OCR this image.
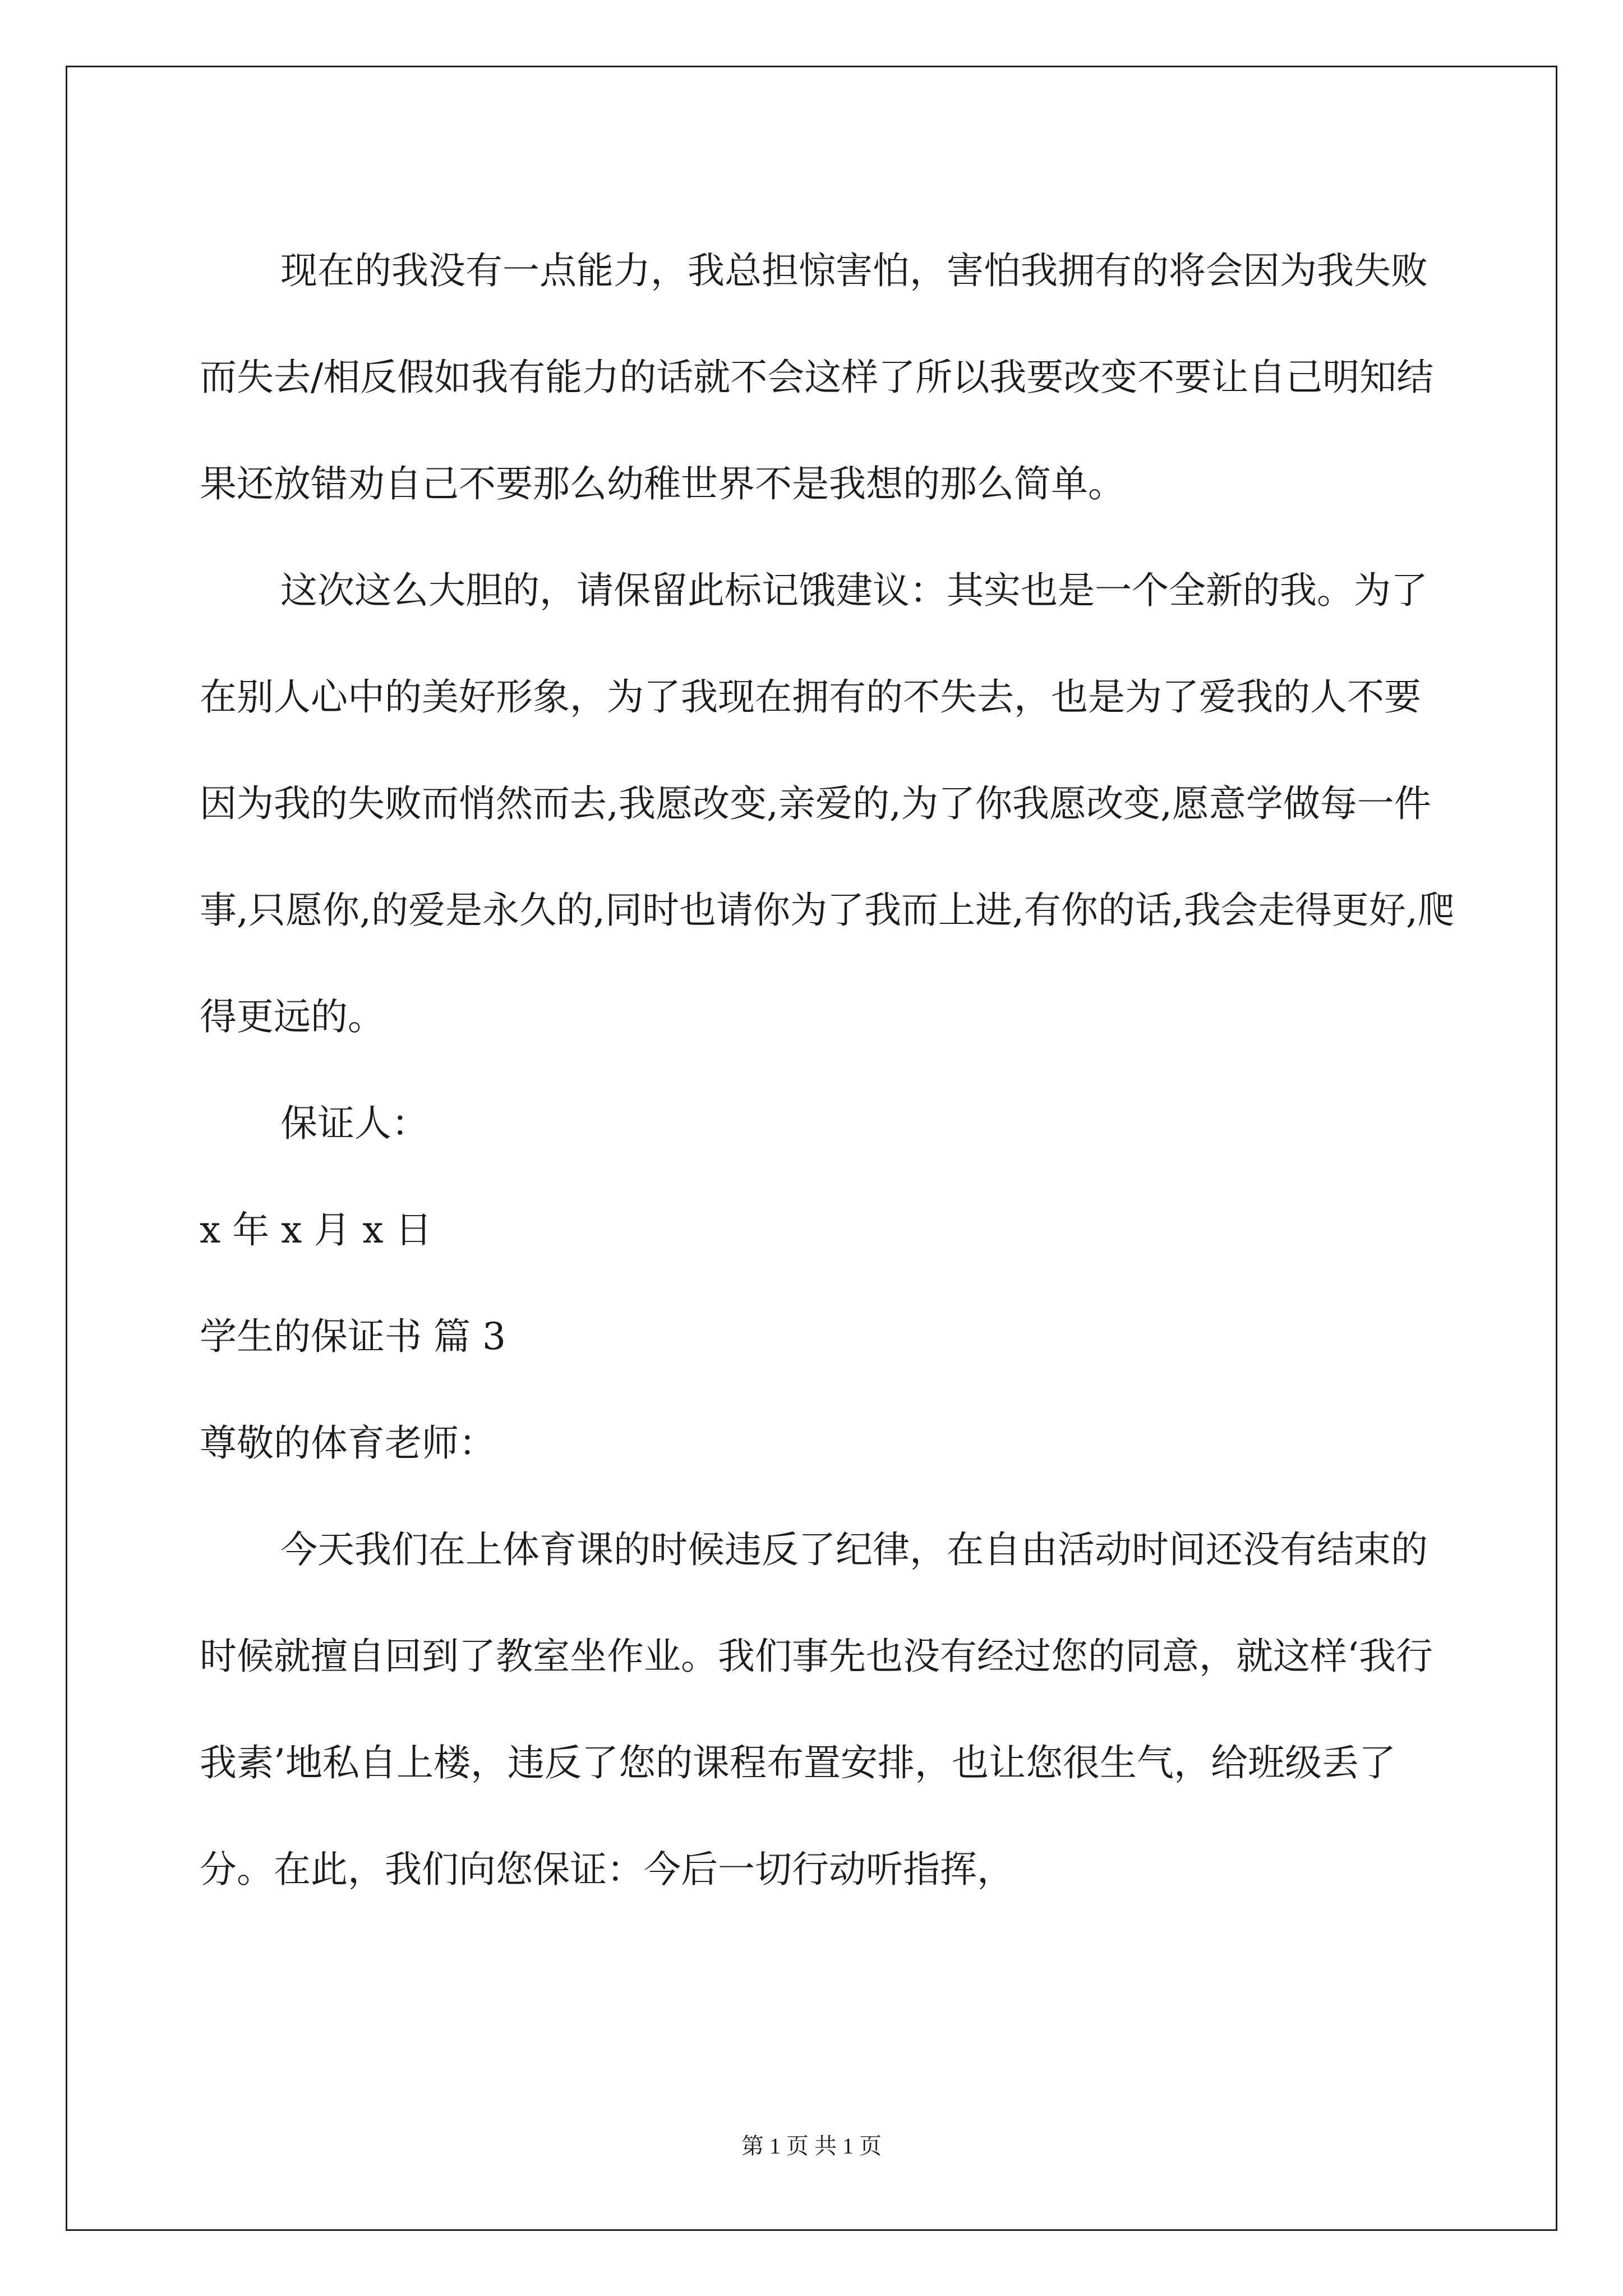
现在的我没有一点能力，我总担惊害怕，害怕我拥有的将会因为我失败而失去/相反假如我有能力的话就不会这样了所以我要改变不要让自己明知结果还放错劝自己不要那么幼稚世界不是我想的那么简单。

这次这么大胆的，请保留此标记饿建议：其实也是一个全新的我。为了在别人心中的美好形象，为了我现在拥有的不失去，也是为了爱我的人不要因为我的失败而悄然而去,我愿改变,亲爱的,为了你我愿改变,愿意学做每一件事,只愿你,的爱是永久的,同时也请你为了我而上进,有你的话,我会走得更好,爬得更远的。

保证人：

x 年 x 月 x 日

学生的保证书 篇 3

尊敬的体育老师：

今天我们在上体育课的时候违反了纪律，在自由活动时间还没有结束的时候就擅自回到了教室坐作业。我们事先也没有经过您的同意，就这样‘我行我素’地私自上楼，违反了您的课程布置安排，也让您很生气，给班级丢了分。在此，我们向您保证：今后一切行动听指挥，

第 1 页 共 1 页
